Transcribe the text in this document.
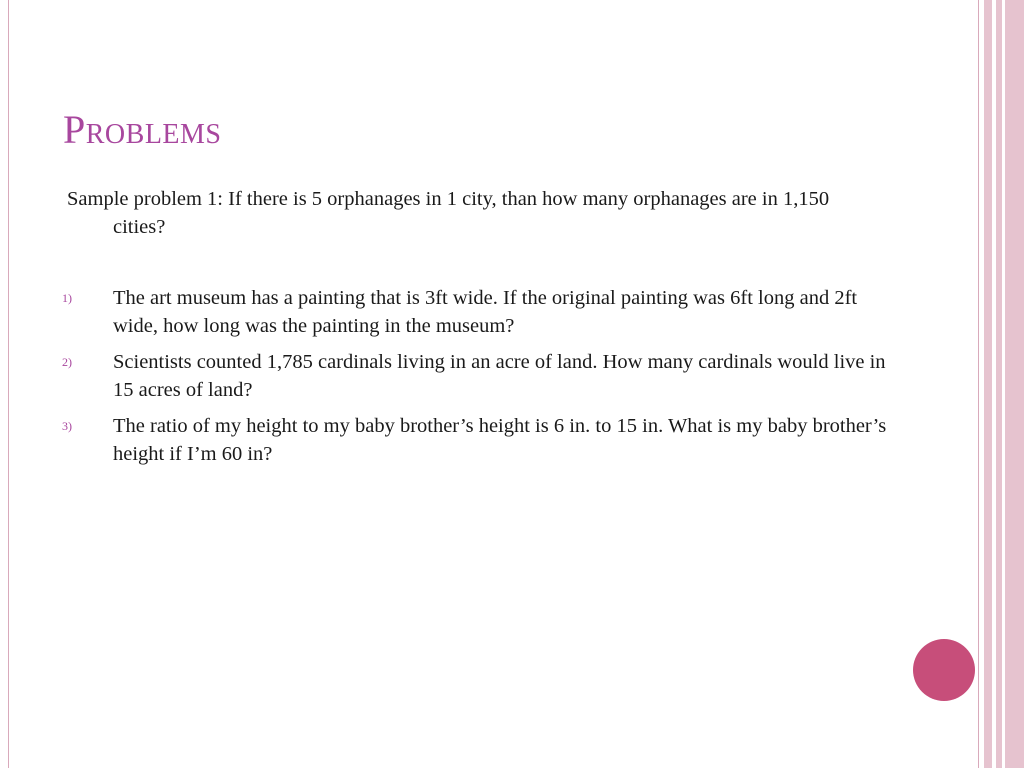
Problems
Sample problem 1: If there is 5 orphanages in 1 city, than how many orphanages are in 1,150 cities?
1) The art museum has a painting that is 3ft wide. If the original painting was 6ft long and 2ft wide, how long was the painting in the museum?
2) Scientists counted 1,785 cardinals living in an acre of land. How many cardinals would live in 15 acres of land?
3) The ratio of my height to my baby brother’s height is 6 in. to 15 in. What is my baby brother’s height if I’m 60 in?
